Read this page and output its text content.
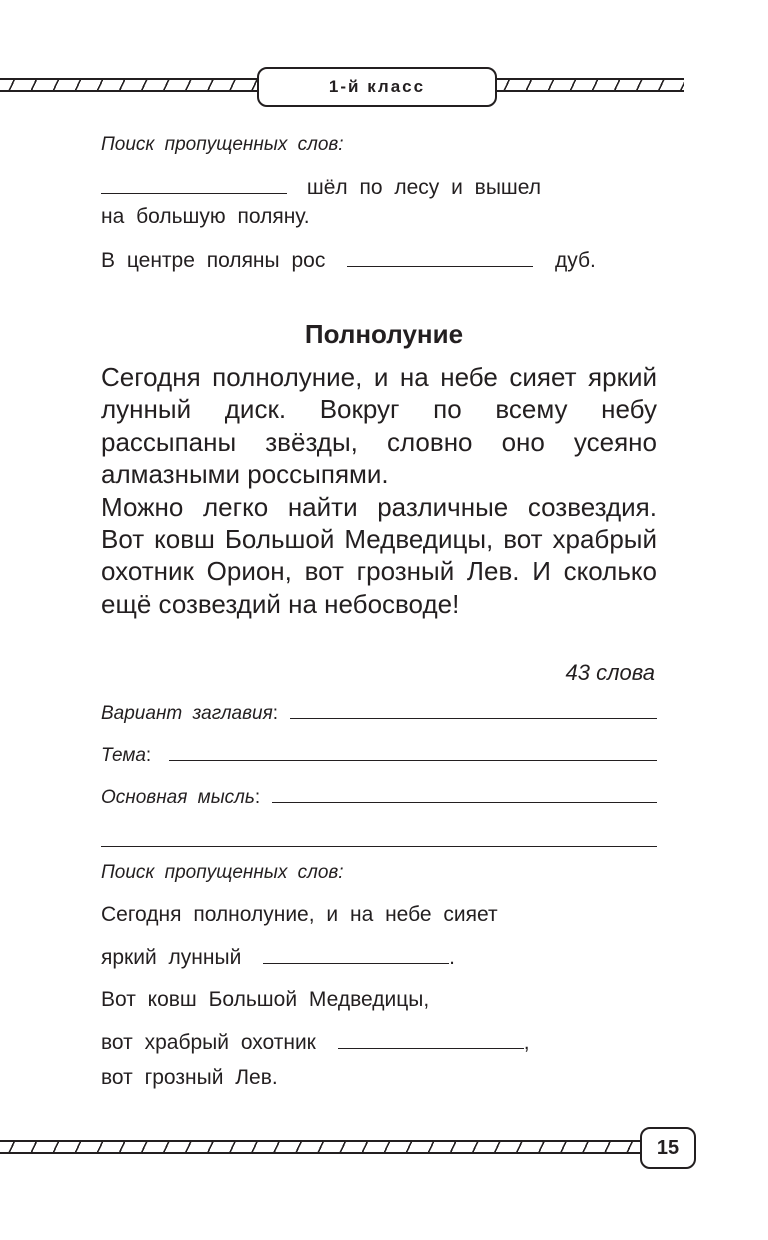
1-й класс
Поиск пропущенных слов:
шёл по лесу и вышел
на большую поляну.
В центре поляны рос	дуб.
Полнолуние

Сегодня полнолуние, и на небе сияет яркий лунный диск. Вокруг по всему небу рассыпаны звёзды, словно оно усеяно алмазными россыпями.

Можно легко найти различные созвездия. Вот ковш Большой Медведицы, вот храбрый охотник Орион, вот грозный Лев. И сколько ещё созвездий на небосводе!

43 слова
Вариант заглавия :
Тема :
Основная мысль :
Поиск пропущенных слов:
Сегодня полнолуние, и на небе сияет
яркий лунный	.
Вот ковш Большой Медведицы,
вот храбрый охотник	,
вот грозный Лев.
15
